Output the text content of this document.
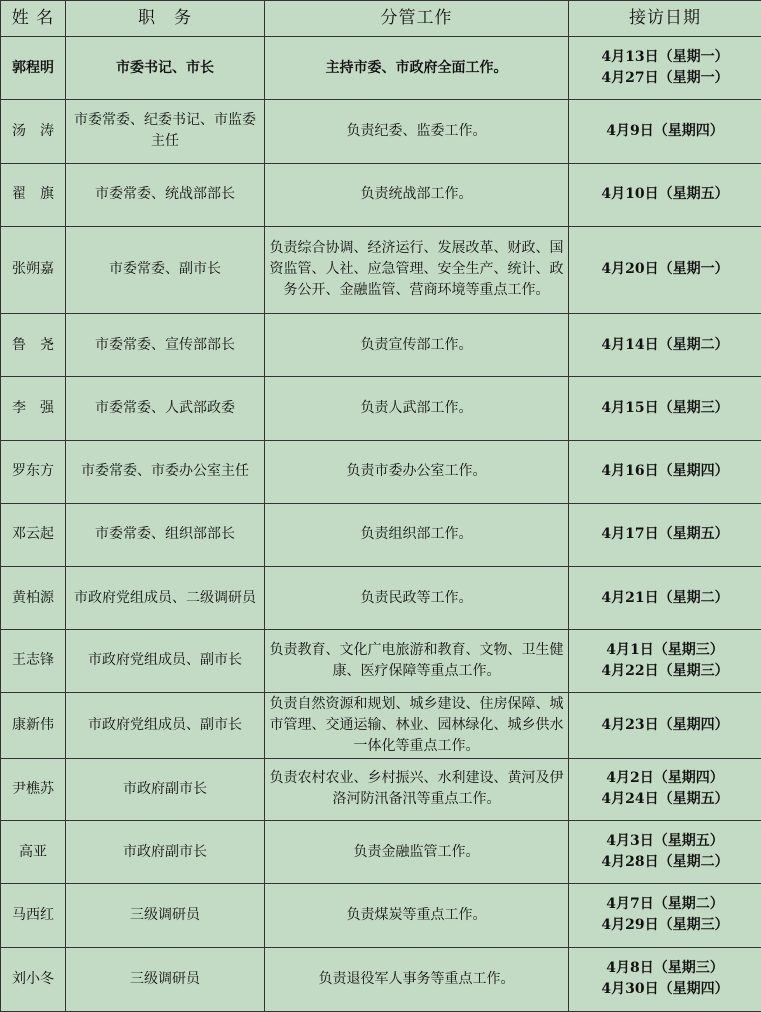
姓 名	职　务	分管工作	接访日期
郭程明	市委书记、市长	主持市委、市政府全面工作。	4月13日（星期一）
4月27日（星期一）

汤　涛	市委常委、纪委书记、市监委主任	负责纪委、监委工作。	4月9日（星期四）

翟　旗	市委常委、统战部部长	负责统战部工作。	4月10日（星期五）

张朔嘉	市委常委、副市长	负责综合协调、经济运行、发展改革、财政、国资监管、人社、应急管理、安全生产、统计、政务公开、金融监管、营商环境等重点工作。	4月20日（星期一）

鲁　尧	市委常委、宣传部部长	负责宣传部工作。	4月14日（星期二）

李　强	市委常委、人武部政委	负责人武部工作。	4月15日（星期三）

罗东方	市委常委、市委办公室主任	负责市委办公室工作。	4月16日（星期四）

邓云起	市委常委、组织部部长	负责组织部工作。	4月17日（星期五）

黄柏源	市政府党组成员、二级调研员	负责民政等工作。	4月21日（星期二）

王志锋	市政府党组成员、副市长	负责教育、文化广电旅游和教育、文物、卫生健康、医疗保障等重点工作。	4月1日（星期三）
4月22日（星期三）

康新伟	市政府党组成员、副市长	负责自然资源和规划、城乡建设、住房保障、城市管理、交通运输、林业、园林绿化、城乡供水一体化等重点工作。	4月23日（星期四）

尹樵苏	市政府副市长	负责农村农业、乡村振兴、水利建设、黄河及伊洛河防汛备汛等重点工作。	4月2日（星期四）
4月24日（星期五）

高亚	市政府副市长	负责金融监管工作。	4月3日（星期五）
4月28日（星期二）

马西红	三级调研员	负责煤炭等重点工作。	4月7日（星期二）
4月29日（星期三）

刘小冬	三级调研员	负责退役军人事务等重点工作。	4月8日（星期三）
4月30日（星期四）
